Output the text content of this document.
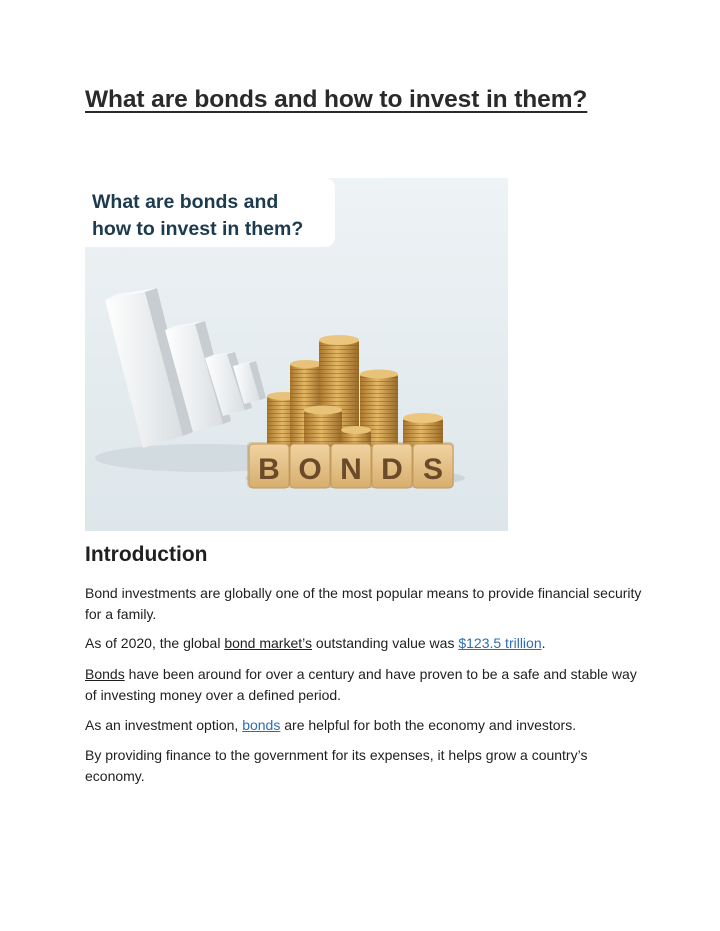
What are bonds and how to invest in them?
What are bonds and
how to invest in them?
B O N D S
Introduction

Bond investments are globally one of the most popular means to provide financial security for a family.

As of 2020, the global bond market’s outstanding value was $123.5 trillion.

Bonds have been around for over a century and have proven to be a safe and stable way of investing money over a defined period.

As an investment option, bonds are helpful for both the economy and investors.

By providing finance to the government for its expenses, it helps grow a country’s economy.
